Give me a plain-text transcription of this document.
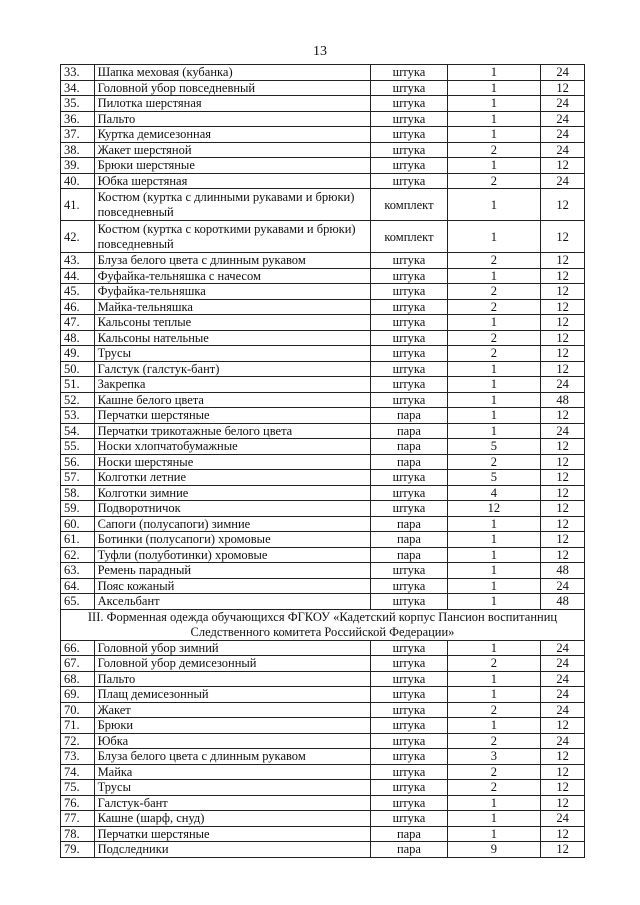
13
33.	Шапка меховая (кубанка)	штука	1	24
34.	Головной убор повседневный	штука	1	12
35.	Пилотка шерстяная	штука	1	24
36.	Пальто	штука	1	24
37.	Куртка демисезонная	штука	1	24
38.	Жакет шерстяной	штука	2	24
39.	Брюки шерстяные	штука	1	12
40.	Юбка шерстяная	штука	2	24
41.	Костюм (куртка с длинными рукавами и брюки) повседневный	комплект	1	12
42.	Костюм (куртка с короткими рукавами и брюки) повседневный	комплект	1	12
43.	Блуза белого цвета с длинным рукавом	штука	2	12
44.	Фуфайка-тельняшка с начесом	штука	1	12
45.	Фуфайка-тельняшка	штука	2	12
46.	Майка-тельняшка	штука	2	12
47.	Кальсоны теплые	штука	1	12
48.	Кальсоны нательные	штука	2	12
49.	Трусы	штука	2	12
50.	Галстук (галстук-бант)	штука	1	12
51.	Закрепка	штука	1	24
52.	Кашне белого цвета	штука	1	48
53.	Перчатки шерстяные	пара	1	12
54.	Перчатки трикотажные белого цвета	пара	1	24
55.	Носки хлопчатобумажные	пара	5	12
56.	Носки шерстяные	пара	2	12
57.	Колготки летние	штука	5	12
58.	Колготки зимние	штука	4	12
59.	Подворотничок	штука	12	12
60.	Сапоги (полусапоги) зимние	пара	1	12
61.	Ботинки (полусапоги) хромовые	пара	1	12
62.	Туфли (полуботинки) хромовые	пара	1	12
63.	Ремень парадный	штука	1	48
64.	Пояс кожаный	штука	1	24
65.	Аксельбант	штука	1	48
III. Форменная одежда обучающихся ФГКОУ «Кадетский корпус Пансион воспитанниц Следственного комитета Российской Федерации»				
66.	Головной убор зимний	штука	1	24
67.	Головной убор демисезонный	штука	2	24
68.	Пальто	штука	1	24
69.	Плащ демисезонный	штука	1	24
70.	Жакет	штука	2	24
71.	Брюки	штука	1	12
72.	Юбка	штука	2	24
73.	Блуза белого цвета с длинным рукавом	штука	3	12
74.	Майка	штука	2	12
75.	Трусы	штука	2	12
76.	Галстук-бант	штука	1	12
77.	Кашне (шарф, снуд)	штука	1	24
78.	Перчатки шерстяные	пара	1	12
79.	Подследники	пара	9	12
